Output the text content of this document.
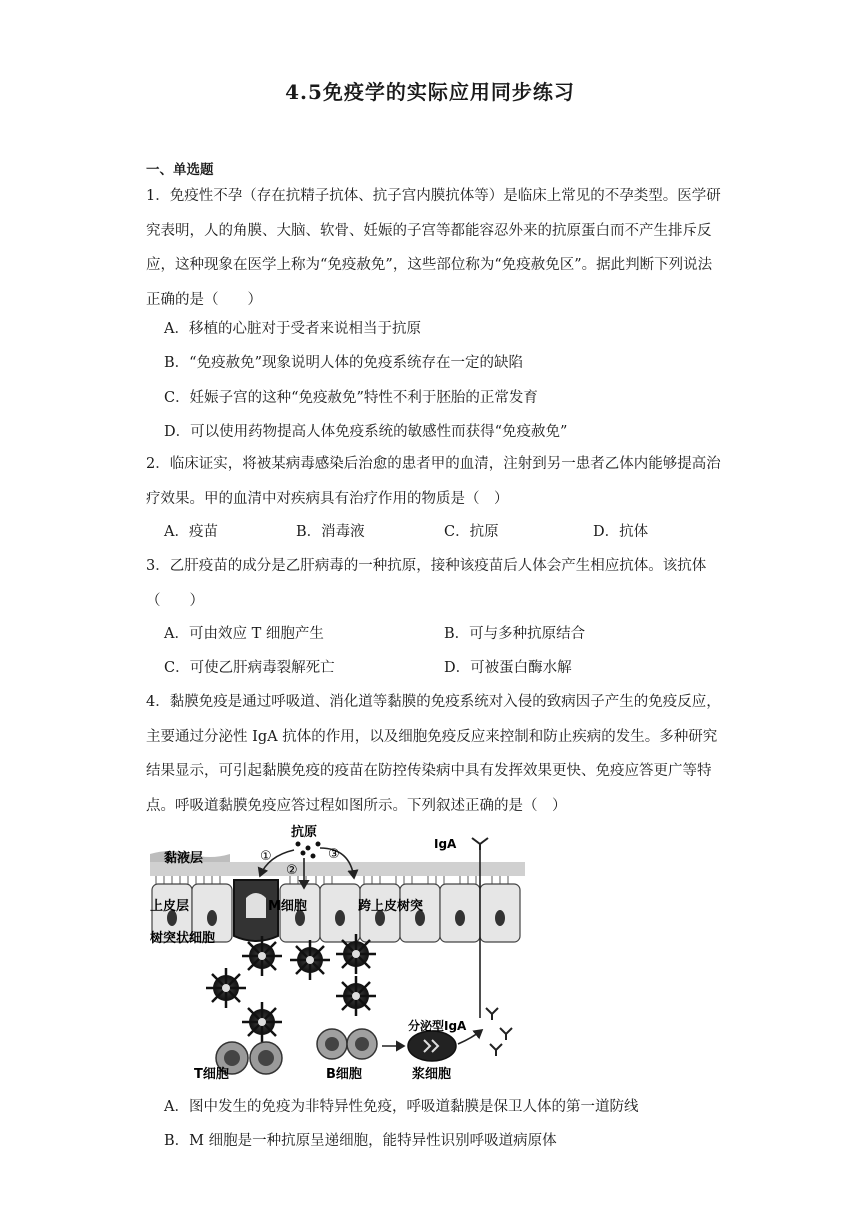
4.5免疫学的实际应用同步练习
一、单选题

1．免疫性不孕（存在抗精子抗体、抗子宫内膜抗体等）是临床上常见的不孕类型。医学研究表明，人的角膜、大脑、软骨、妊娠的子宫等都能容忍外来的抗原蛋白而不产生排斥反应，这种现象在医学上称为“免疫赦免”，这些部位称为“免疫赦免区”。据此判断下列说法正确的是（　　）

A．移植的心脏对于受者来说相当于抗原
B．“免疫赦免”现象说明人体的免疫系统存在一定的缺陷
C．妊娠子宫的这种“免疫赦免”特性不利于胚胎的正常发育
D．可以使用药物提高人体免疫系统的敏感性而获得“免疫赦免”

2．临床证实，将被某病毒感染后治愈的患者甲的血清，注射到另一患者乙体内能够提高治疗效果。甲的血清中对疾病具有治疗作用的物质是（　）

A．疫苗	B．消毒液	C．抗原	D．抗体

3．乙肝疫苗的成分是乙肝病毒的一种抗原，接种该疫苗后人体会产生相应抗体。该抗体（　　）

A．可由效应 T 细胞产生	B．可与多种抗原结合
C．可使乙肝病毒裂解死亡	D．可被蛋白酶水解

4．黏膜免疫是通过呼吸道、消化道等黏膜的免疫系统对入侵的致病因子产生的免疫反应，主要通过分泌性 IgA 抗体的作用，以及细胞免疫反应来控制和防止疾病的发生。多种研究结果显示，可引起黏膜免疫的疫苗在防控传染病中具有发挥效果更快、免疫应答更广等特点。呼吸道黏膜免疫应答过程如图所示。下列叙述正确的是（　）

抗原
①
②
③
IgA
黏液层
上皮层	M细胞	跨上皮树突
树突状细胞
分泌型IgA
T细胞	B细胞	浆细胞
A．图中发生的免疫为非特异性免疫，呼吸道黏膜是保卫人体的第一道防线
B．M 细胞是一种抗原呈递细胞，能特异性识别呼吸道病原体
